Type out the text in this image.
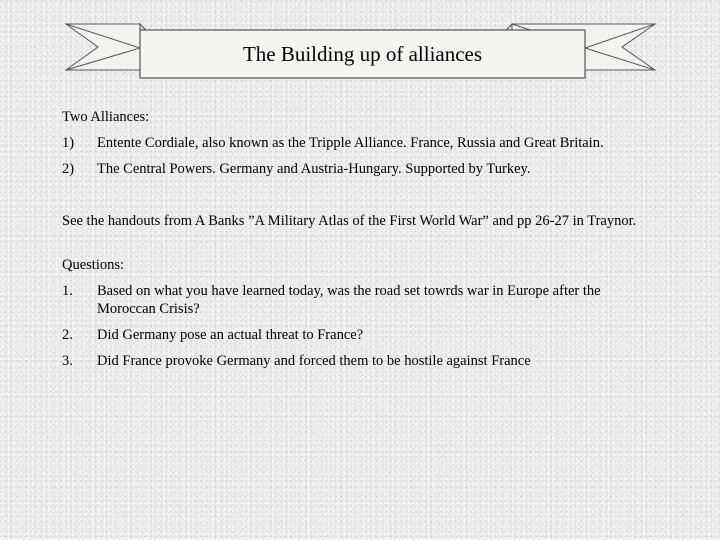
The Building up of alliances

Two Alliances:

1) Entente Cordiale, also known as the Tripple Alliance. France, Russia and Great Britain.
2) The Central Powers. Germany and Austria-Hungary. Supported by Turkey.

See the handouts from A Banks ”A Military Atlas of the First World War” and pp 26-27 in Traynor.

Questions:

1. Based on what you have learned today, was the road set towrds war in Europe after the Moroccan Crisis?
2. Did Germany pose an actual threat to France?
3. Did France provoke Germany and forced them to be hostile against France
